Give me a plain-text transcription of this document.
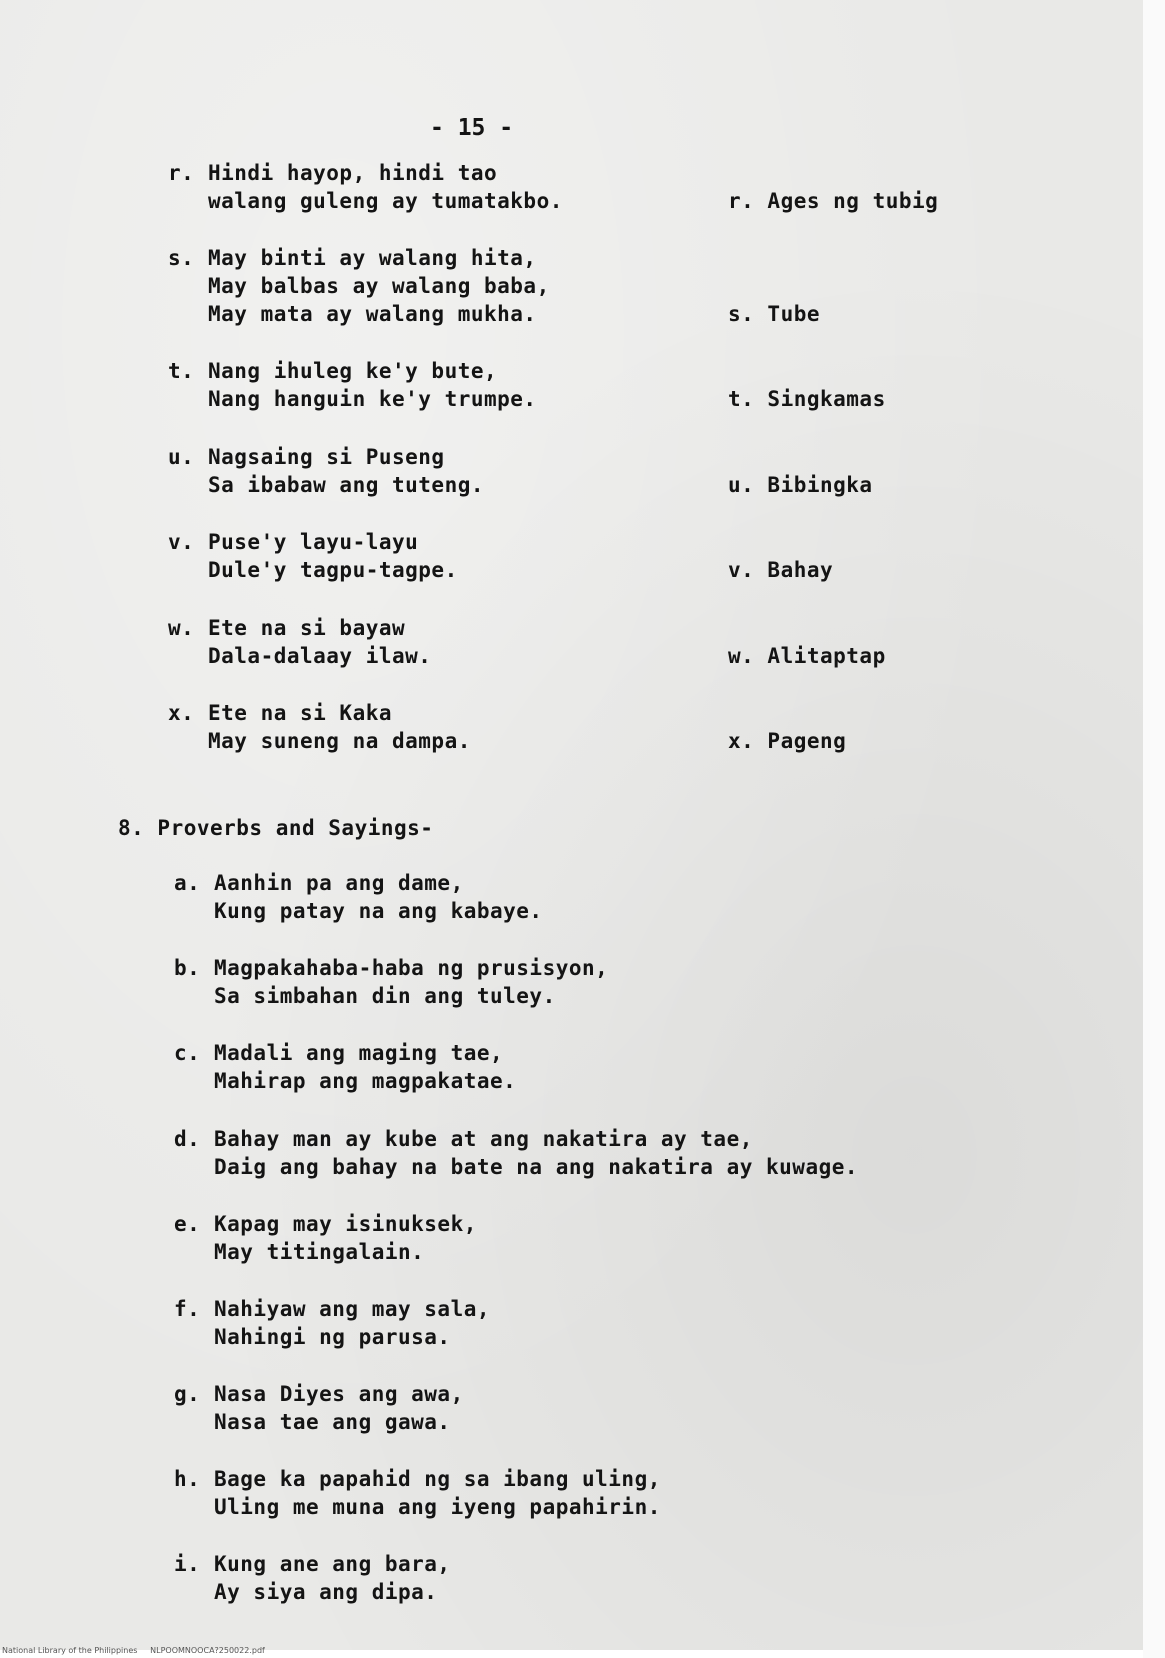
- 15 -
r. Hindi hayop, hindi tao
walang guleng ay tumatakbo.	r. Ages ng tubig
s. May binti ay walang hita,
May balbas ay walang baba,
May mata ay walang mukha.	s. Tube
t. Nang ihuleg ke'y bute,
Nang hanguin ke'y trumpe.	t. Singkamas
u. Nagsaing si Puseng
Sa ibabaw ang tuteng.	u. Bibingka
v. Puse'y layu-layu
Dule'y tagpu-tagpe.	v. Bahay
w. Ete na si bayaw
Dala-dalaay ilaw.	w. Alitaptap
x. Ete na si Kaka
May suneng na dampa.	x. Pageng
8. Proverbs and Sayings-
a. Aanhin pa ang dame,
Kung patay na ang kabaye.
b. Magpakahaba-haba ng prusisyon,
Sa simbahan din ang tuley.
c. Madali ang maging tae,
Mahirap ang magpakatae.
d. Bahay man ay kube at ang nakatira ay tae,
Daig ang bahay na bate na ang nakatira ay kuwage.
e. Kapag may isinuksek,
May titingalain.
f. Nahiyaw ang may sala,
Nahingi ng parusa.
g. Nasa Diyes ang awa,
Nasa tae ang gawa.
h. Bage ka papahid ng sa ibang uling,
Uling me muna ang iyeng papahirin.
i. Kung ane ang bara,
Ay siya ang dipa.
National Library of the Philippines     NLPOOMNOOCA?250022.pdf
